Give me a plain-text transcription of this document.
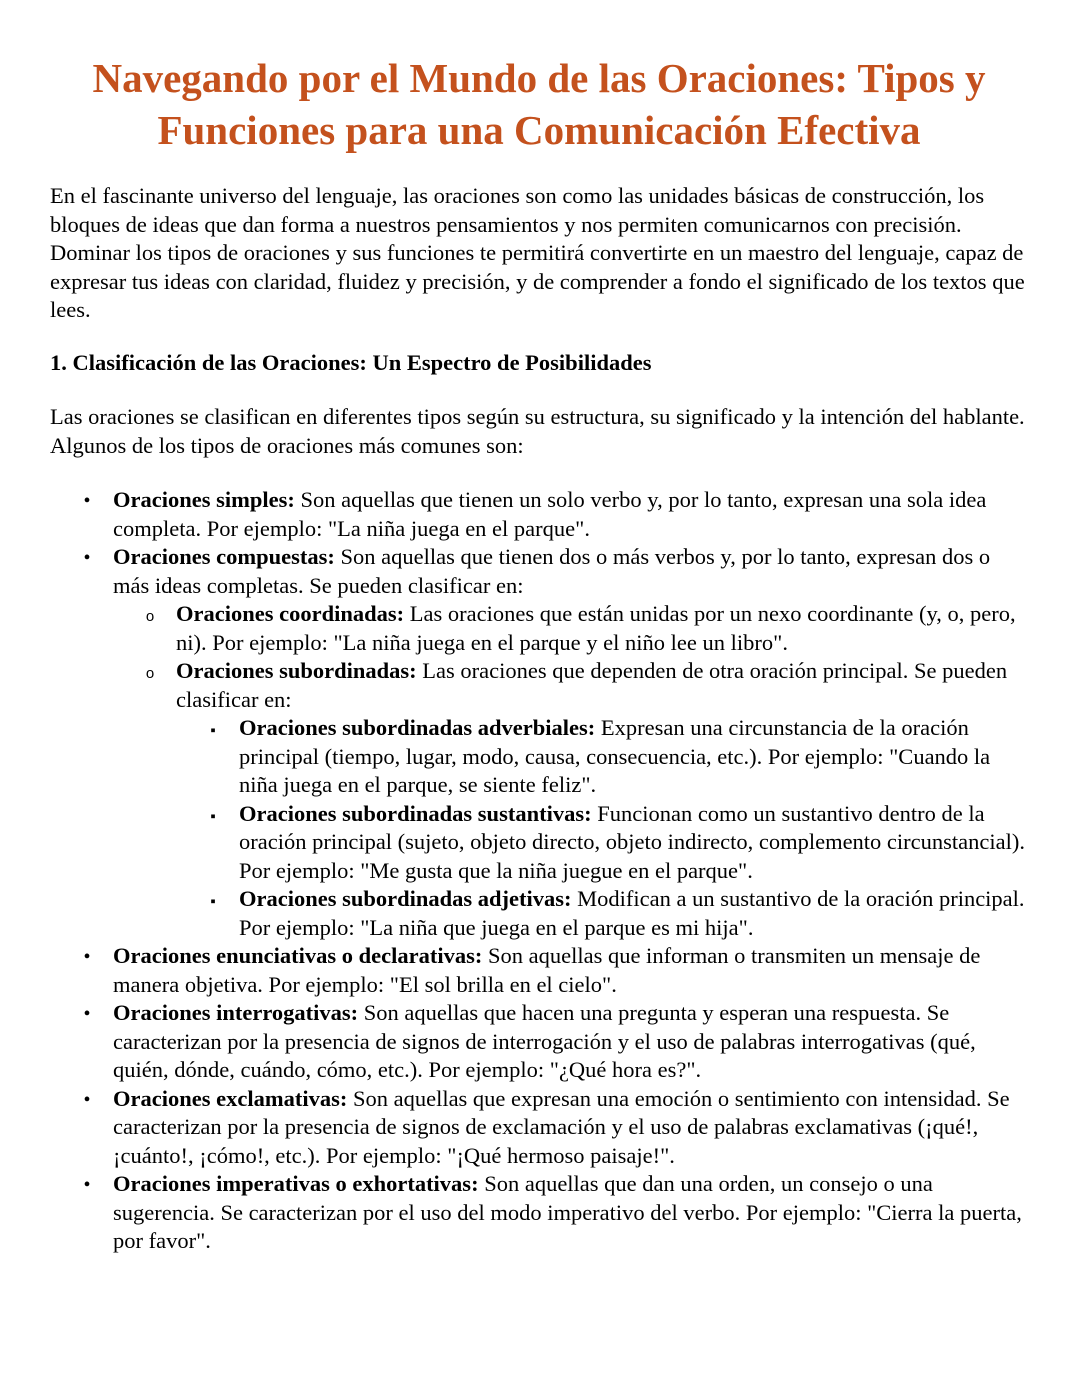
Navegando por el Mundo de las Oraciones: Tipos y Funciones para una Comunicación Efectiva

En el fascinante universo del lenguaje, las oraciones son como las unidades básicas de construcción, los bloques de ideas que dan forma a nuestros pensamientos y nos permiten comunicarnos con precisión. Dominar los tipos de oraciones y sus funciones te permitirá convertirte en un maestro del lenguaje, capaz de expresar tus ideas con claridad, fluidez y precisión, y de comprender a fondo el significado de los textos que lees.

1. Clasificación de las Oraciones: Un Espectro de Posibilidades

Las oraciones se clasifican en diferentes tipos según su estructura, su significado y la intención del hablante. Algunos de los tipos de oraciones más comunes son:

•
Oraciones simples: Son aquellas que tienen un solo verbo y, por lo tanto, expresan una sola idea completa. Por ejemplo: "La niña juega en el parque".
•
Oraciones compuestas: Son aquellas que tienen dos o más verbos y, por lo tanto, expresan dos o más ideas completas. Se pueden clasificar en:
o
Oraciones coordinadas: Las oraciones que están unidas por un nexo coordinante (y, o, pero, ni). Por ejemplo: "La niña juega en el parque y el niño lee un libro".
o
Oraciones subordinadas: Las oraciones que dependen de otra oración principal. Se pueden clasificar en:
▪
Oraciones subordinadas adverbiales: Expresan una circunstancia de la oración principal (tiempo, lugar, modo, causa, consecuencia, etc.). Por ejemplo: "Cuando la niña juega en el parque, se siente feliz".
▪
Oraciones subordinadas sustantivas: Funcionan como un sustantivo dentro de la oración principal (sujeto, objeto directo, objeto indirecto, complemento circunstancial). Por ejemplo: "Me gusta que la niña juegue en el parque".
▪
Oraciones subordinadas adjetivas: Modifican a un sustantivo de la oración principal. Por ejemplo: "La niña que juega en el parque es mi hija".
•
Oraciones enunciativas o declarativas: Son aquellas que informan o transmiten un mensaje de manera objetiva. Por ejemplo: "El sol brilla en el cielo".
•
Oraciones interrogativas: Son aquellas que hacen una pregunta y esperan una respuesta. Se caracterizan por la presencia de signos de interrogación y el uso de palabras interrogativas (qué, quién, dónde, cuándo, cómo, etc.). Por ejemplo: "¿Qué hora es?".
•
Oraciones exclamativas: Son aquellas que expresan una emoción o sentimiento con intensidad. Se caracterizan por la presencia de signos de exclamación y el uso de palabras exclamativas (¡qué!, ¡cuánto!, ¡cómo!, etc.). Por ejemplo: "¡Qué hermoso paisaje!".
•
Oraciones imperativas o exhortativas: Son aquellas que dan una orden, un consejo o una sugerencia. Se caracterizan por el uso del modo imperativo del verbo. Por ejemplo: "Cierra la puerta, por favor".
